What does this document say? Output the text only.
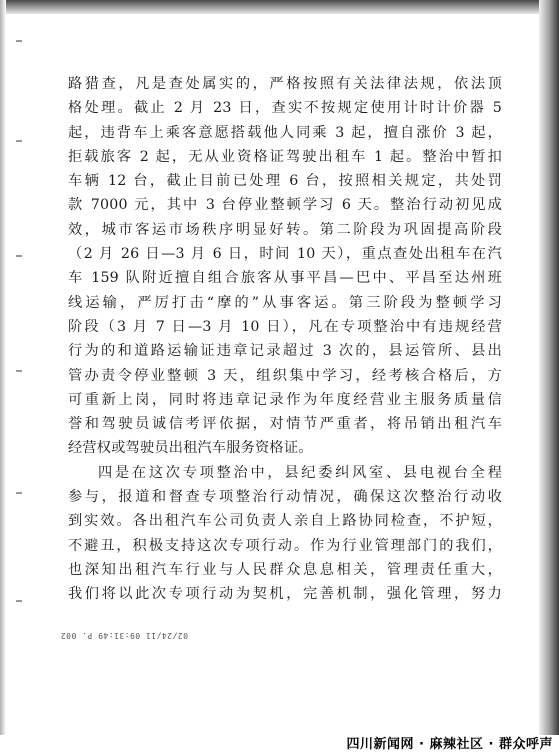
路猎查，凡是查处属实的，严格按照有关法律法规，依法顶
格处理。截止 2 月 23 日，查实不按规定使用计时计价器 5
起，违背车上乘客意愿搭载他人同乘 3 起，擅自涨价 3 起，
拒载旅客 2 起，无从业资格证驾驶出租车 1 起。整治中暂扣
车辆 12 台，截止目前已处理 6 台，按照相关规定，共处罚
款 7000 元，其中 3 台停业整顿学习 6 天。整治行动初见成
效，城市客运市场秩序明显好转。第二阶段为巩固提高阶段
（2 月 26 日—3 月 6 日，时间 10 天），重点查处出租车在汽
车 159 队附近擅自组合旅客从事平昌—巴中、平昌至达州班
线运输，严厉打击“摩的”从事客运。第三阶段为整顿学习
阶段（3 月 7 日—3 月 10 日），凡在专项整治中有违规经营
行为的和道路运输证违章记录超过 3 次的，县运管所、县出
管办责令停业整顿 3 天，组织集中学习，经考核合格后，方
可重新上岗，同时将违章记录作为年度经营业主服务质量信
誉和驾驶员诚信考评依据，对情节严重者，将吊销出租汽车
经营权或驾驶员出租汽车服务资格证。
四是在这次专项整治中，县纪委纠风室、县电视台全程
参与，报道和督查专项整治行动情况，确保这次整治行动收
到实效。各出租汽车公司负责人亲自上路协同检查，不护短，
不避丑，积极支持这次专项行动。作为行业管理部门的我们，
也深知出租汽车行业与人民群众息息相关，管理责任重大，
我们将以此次专项行动为契机，完善机制，强化管理，努力
02/24/11 09:31:49 P. 002
四川新闻网 · 麻辣社区 · 群众呼声
